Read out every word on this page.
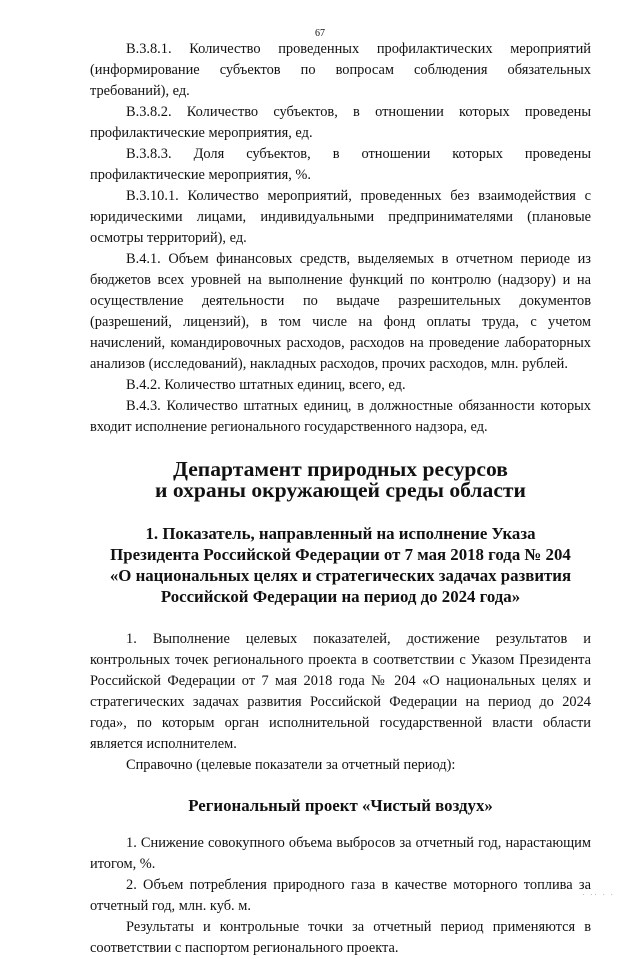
67

В.3.8.1. Количество проведенных профилактических мероприятий (информирование субъектов по вопросам соблюдения обязательных требований), ед.

В.3.8.2. Количество субъектов, в отношении которых проведены профилактические мероприятия, ед.

В.3.8.3. Доля субъектов, в отношении которых проведены профилактические мероприятия, %.

В.3.10.1. Количество мероприятий, проведенных без взаимодействия с юридическими лицами, индивидуальными предпринимателями (плановые осмотры территорий), ед.

В.4.1. Объем финансовых средств, выделяемых в отчетном периоде из бюджетов всех уровней на выполнение функций по контролю (надзору) и на осуществление деятельности по выдаче разрешительных документов (разрешений, лицензий), в том числе на фонд оплаты труда, с учетом начислений, командировочных расходов, расходов на проведение лабораторных анализов (исследований), накладных расходов, прочих расходов, млн. рублей.

В.4.2. Количество штатных единиц, всего, ед.

В.4.3. Количество штатных единиц, в должностные обязанности которых входит исполнение регионального государственного надзора, ед.

Департамент природных ресурсов
и охраны окружающей среды области
1. Показатель, направленный на исполнение Указа
Президента Российской Федерации от 7 мая 2018 года № 204
«О национальных целях и стратегических задачах развития
Российской Федерации на период до 2024 года»

1. Выполнение целевых показателей, достижение результатов и контрольных точек регионального проекта в соответствии с Указом Президента Российской Федерации от 7 мая 2018 года № 204 «О национальных целях и стратегических задачах развития Российской Федерации на период до 2024 года», по которым орган исполнительной государственной власти области является исполнителем.

Справочно (целевые показатели за отчетный период):

Региональный проект «Чистый воздух»

1. Снижение совокупного объема выбросов за отчетный год, нарастающим итогом, %.

2. Объем потребления природного газа в качестве моторного топлива за отчетный год, млн. куб. м.

Результаты и контрольные точки за отчетный период применяются в соответствии с паспортом регионального проекта.

· ·· · ·
